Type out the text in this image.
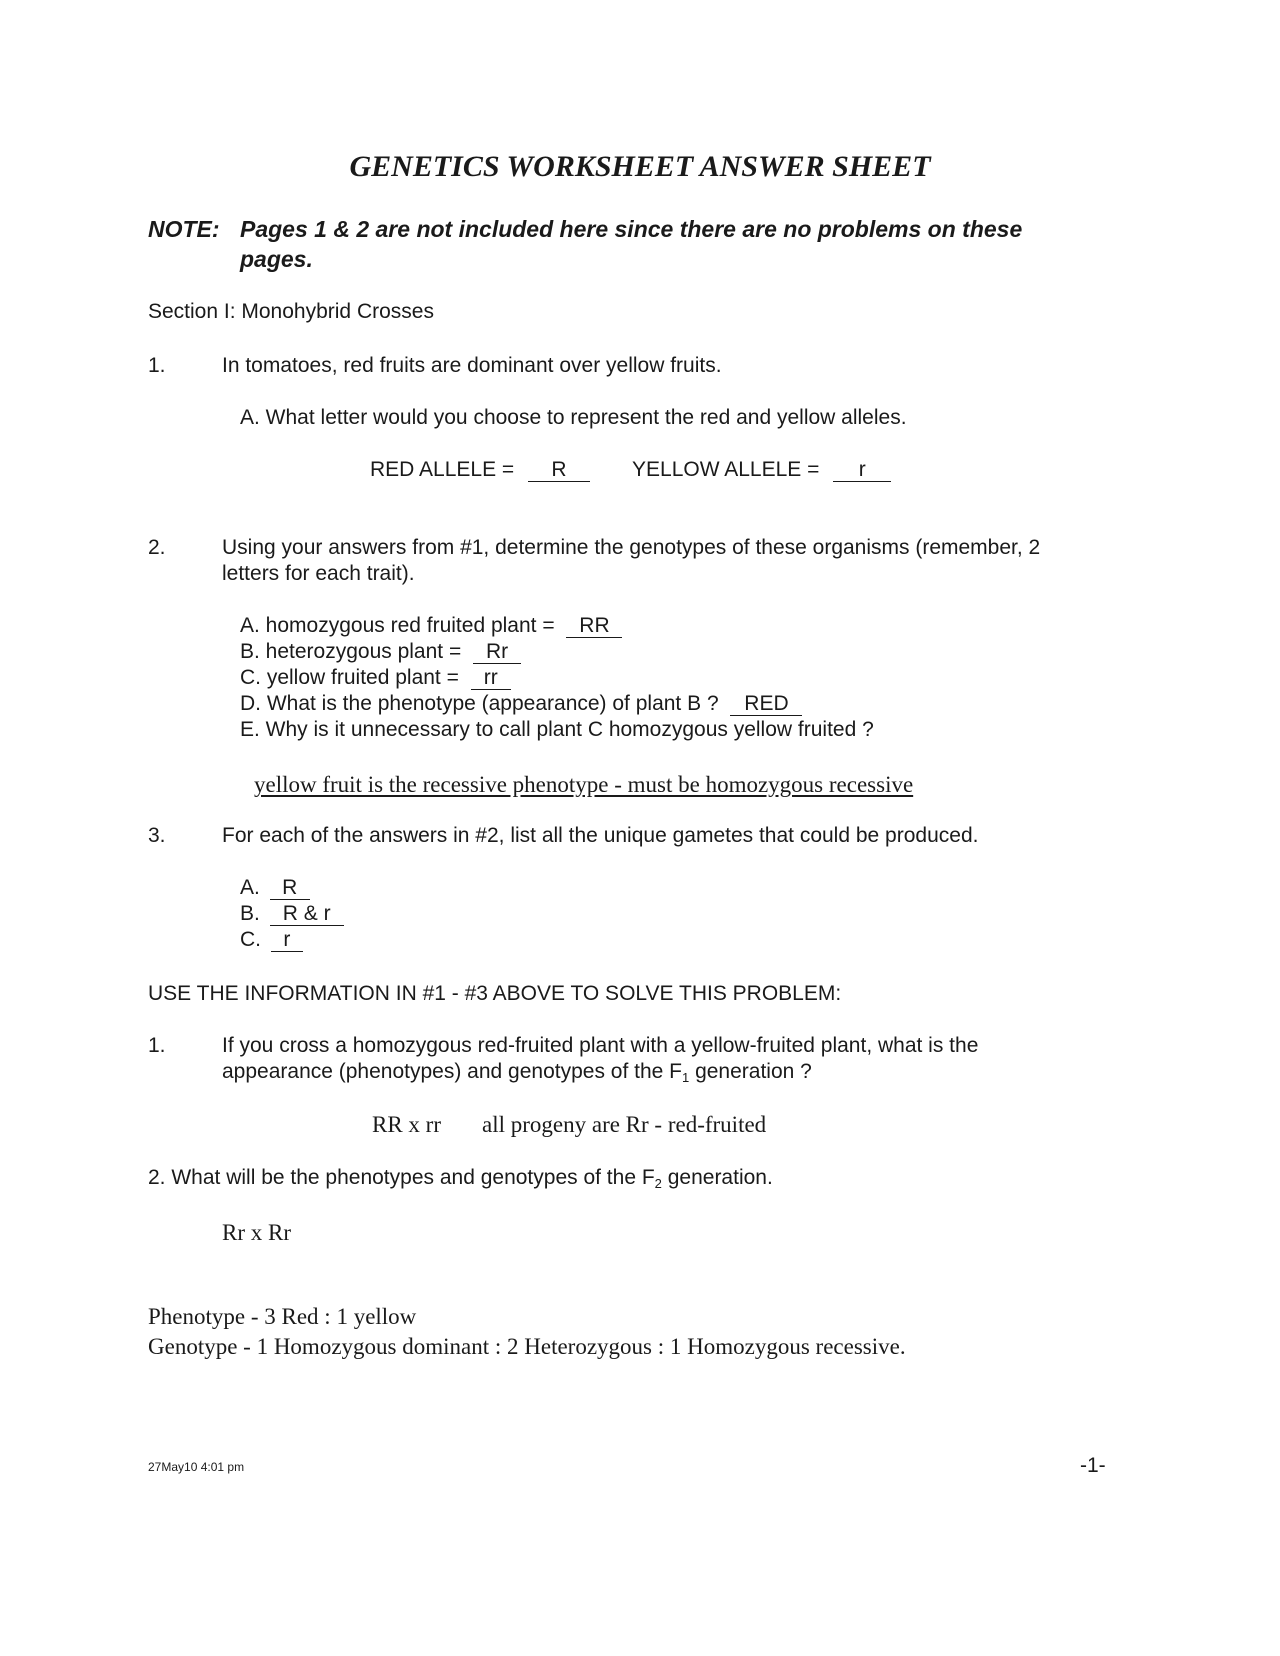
GENETICS WORKSHEET ANSWER SHEET
NOTE: Pages 1 & 2 are not included here since there are no problems on these
pages.
Section I: Monohybrid Crosses
1.	In tomatoes, red fruits are dominant over yellow fruits.
A. What letter would you choose to represent the red and yellow alleles.
RED ALLELE = R	YELLOW ALLELE = r
2.	Using your answers from #1, determine the genotypes of these organisms (remember, 2
letters for each trait).
A. homozygous red fruited plant = RR
B. heterozygous plant = Rr
C. yellow fruited plant = rr
D. What is the phenotype (appearance) of plant B ? RED
E. Why is it unnecessary to call plant C homozygous yellow fruited ?
yellow fruit is the recessive phenotype - must be homozygous recessive
3.	For each of the answers in #2, list all the unique gametes that could be produced.
A. R
B. R & r
C. r
USE THE INFORMATION IN #1 - #3 ABOVE TO SOLVE THIS PROBLEM:
1.	If you cross a homozygous red-fruited plant with a yellow-fruited plant, what is the
appearance (phenotypes) and genotypes of the $F_1$ generation ?
RR x rr all progeny are Rr - red-fruited
2. What will be the phenotypes and genotypes of the $F_2$ generation.
Rr x Rr
Phenotype - 3 Red : 1 yellow
Genotype - 1 Homozygous dominant : 2 Heterozygous : 1 Homozygous recessive.
27May10 4:01 pm	-1-
